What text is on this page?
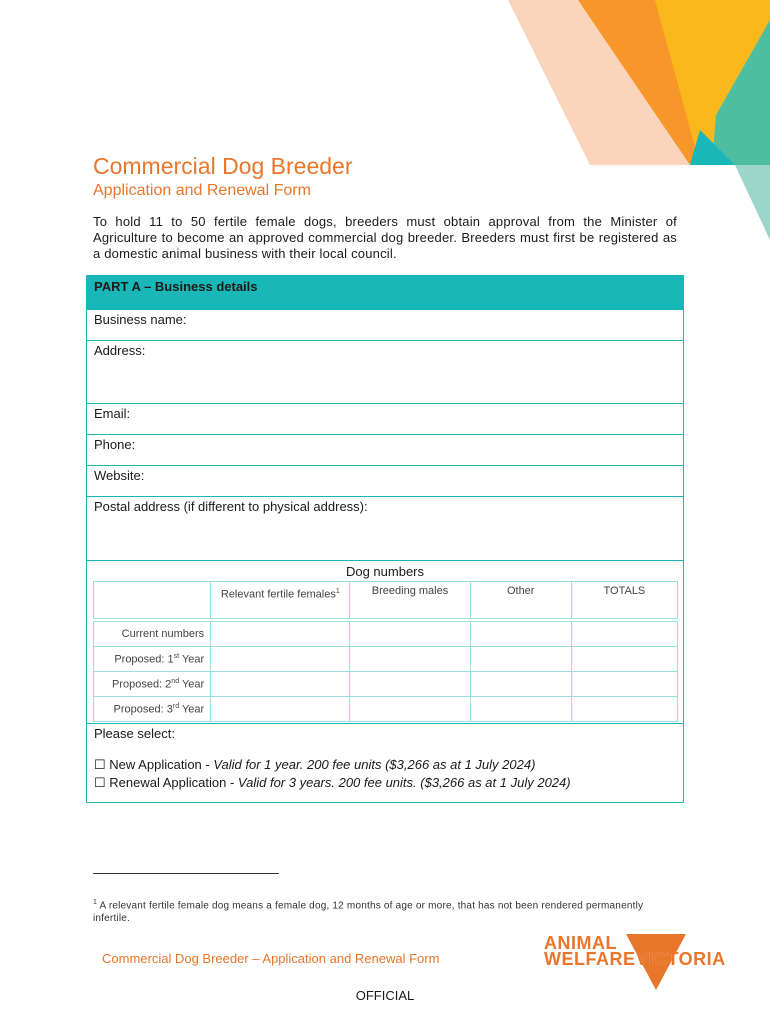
Commercial Dog Breeder
Application and Renewal Form
To hold 11 to 50 fertile female dogs, breeders must obtain approval from the Minister of Agriculture to become an approved commercial dog breeder. Breeders must first be registered as a domestic animal business with their local council.
PART A – Business details
Business name:
Address:
Email:
Phone:
Website:
Postal address (if different to physical address):
Dog numbers
	Relevant fertile females$^1$	Breeding males	Other	TOTALS

Current numbers				
Proposed: 1st Year				
Proposed: 2nd Year				
Proposed: 3rd Year				
Please select:
☐ New Application - Valid for 1 year. 200 fee units ($3,266 as at 1 July 2024)
☐ Renewal Application - Valid for 3 years. 200 fee units. ($3,266 as at 1 July 2024)
$^1$ A relevant fertile female dog means a female dog, 12 months of age or more, that has not been rendered permanently infertile.
Commercial Dog Breeder – Application and Renewal Form
ANIMAL
WELFARE VICTORIA
OFFICIAL
